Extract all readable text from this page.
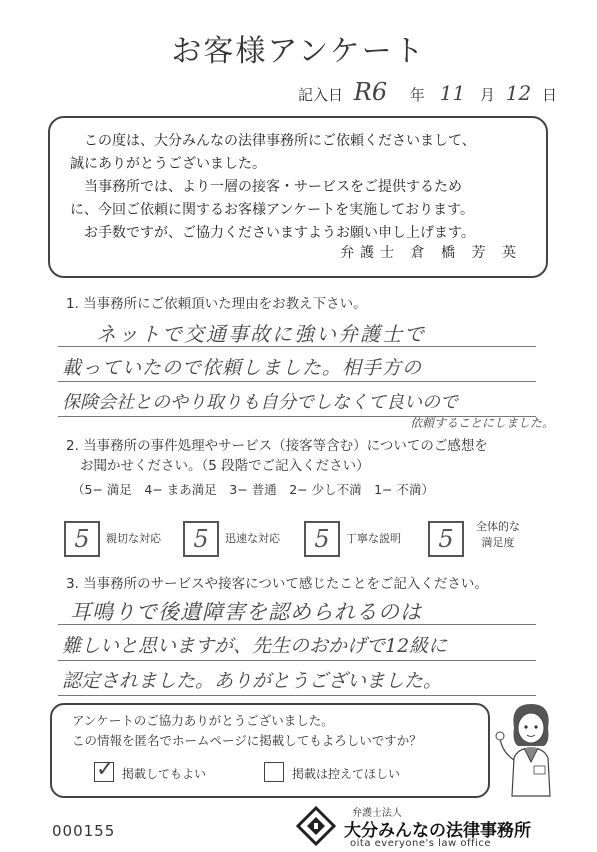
お客様アンケート
記入日 R6 年 11 月 12 日

この度は、大分みんなの法律事務所にご依頼くださいまして、

誠にありがとうございました。

当事務所では、より一層の接客・サービスをご提供するため

に、今回ご依頼に関するお客様アンケートを実施しております。

お手数ですが、ご協力くださいますようお願い申し上げます。

弁護士 倉 橋 芳 英
1. 当事務所にご依頼頂いた理由をお教え下さい。
ネットで交通事故に強い弁護士で
載っていたので依頼しました。相手方の
保険会社とのやり取りも自分でしなくて良いので
依頼することにしました。
2. 当事務所の事件処理やサービス（接客等含む）についてのご感想を
お聞かせください。（5 段階でご記入ください）
（5− 満足　4− まあ満足　3− 普通　2− 少し不満　1− 不満）
5	親切な対応	5	迅速な対応	5	丁寧な説明	5	全体的な
満足度
3. 当事務所のサービスや接客について感じたことをご記入ください。
耳鳴りで後遺障害を認められるのは
難しいと思いますが、先生のおかげで12級に
認定されました。ありがとうございました。
アンケートのご協力ありがとうございました。
この情報を匿名でホームページに掲載してもよろしいですか？
✓ 掲載してもよい	掲載は控えてほしい
000155
弁護士法人
大分みんなの法律事務所
oita everyone's law office
